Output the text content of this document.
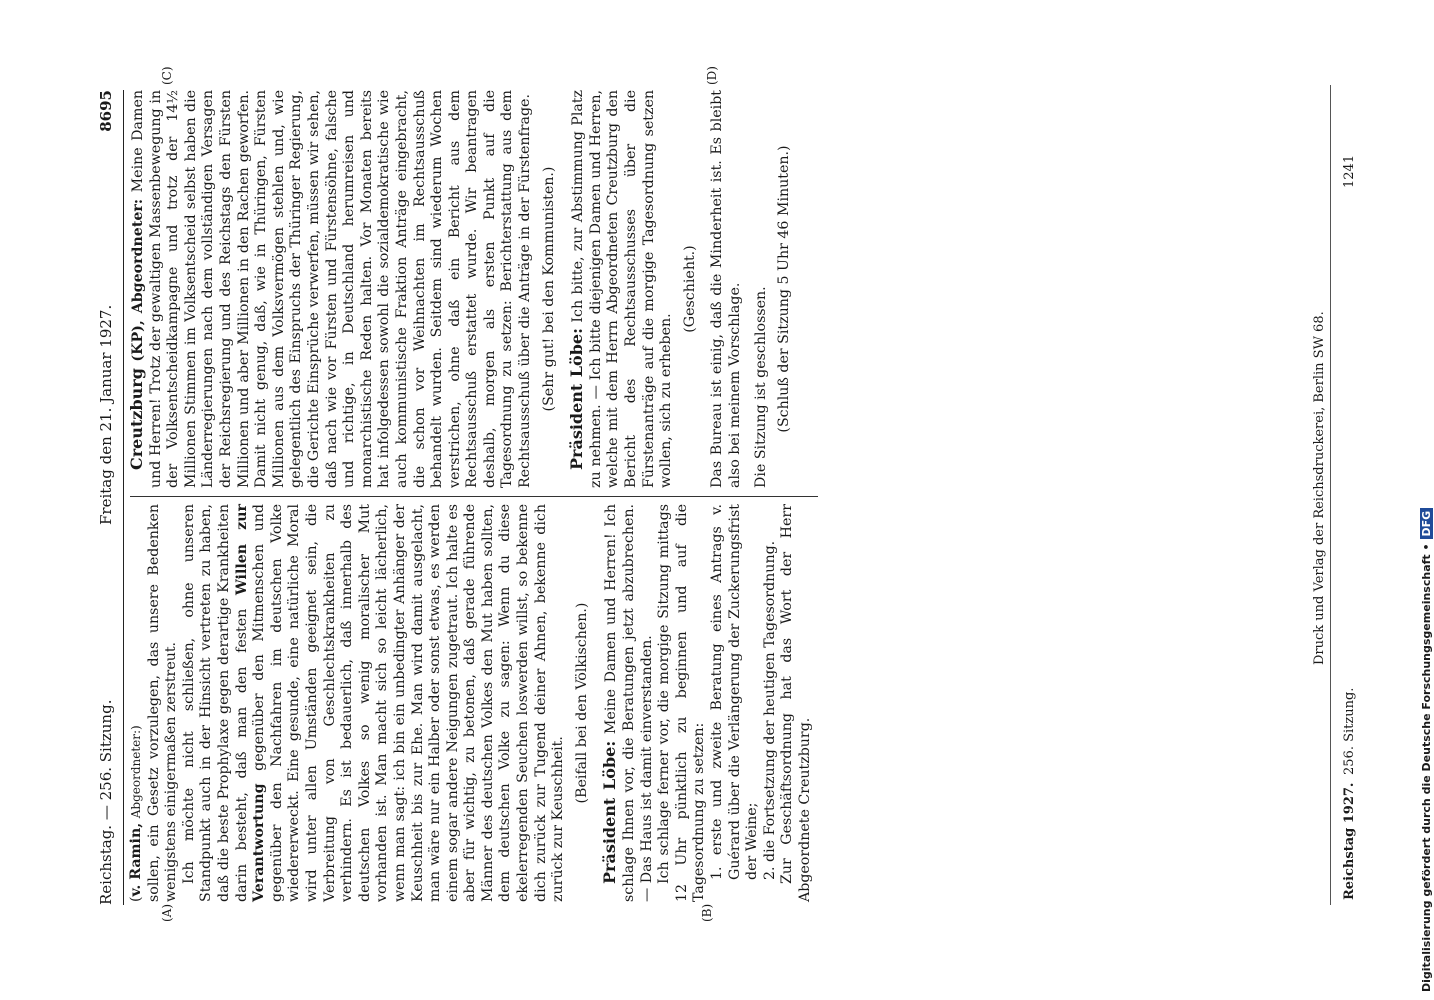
Reichstag. — 256. Sitzung.
Freitag den 21. Januar 1927.
8695
(A)	(B)
(C)	(D)

(v. Ramin, Abgeordneter:) sollen, ein Gesetz vorzulegen, das unsere Bedenken wenigstens einigermaßen zerstreut. Ich möchte nicht schließen, ohne unseren Standpunkt auch in der Hinsicht vertreten zu haben, daß die beste Prophylaxe gegen derartige Krankheiten darin besteht, daß man den festen Willen zur Verantwortung gegenüber den Mitmenschen und gegenüber den Nachfahren im deutschen Volke wiedererweckt. Eine gesunde, eine natürliche Moral wird unter allen Umständen geeignet sein, die Verbreitung von Geschlechtskrankheiten zu verhindern. Es ist bedauerlich, daß innerhalb des deutschen Volkes so wenig moralischer Mut vorhanden ist. Man macht sich so leicht lächerlich, wenn man sagt: ich bin ein unbedingter Anhänger der Keuschheit bis zur Ehe. Man wird damit ausgelacht, man wäre nur ein Halber oder sonst etwas, es werden einem sogar andere Neigungen zugetraut. Ich halte es aber für wichtig, zu betonen, daß gerade führende Männer des deutschen Volkes den Mut haben sollten, dem deutschen Volke zu sagen: Wenn du diese ekelerregenden Seuchen loswerden willst, so bekenne dich zurück zur Tugend deiner Ahnen, bekenne dich zurück zur Keuschheit.

(Beifall bei den Völkischen.)

Präsident Löbe: Meine Damen und Herren! Ich schlage Ihnen vor, die Beratungen jetzt abzubrechen. — Das Haus ist damit einverstanden. Ich schlage ferner vor, die morgige Sitzung mittags 12 Uhr pünktlich zu beginnen und auf die Tagesordnung zu setzen: 1. erste und zweite Beratung eines Antrags v. Guérard über die Verlängerung der Zuckerungsfrist der Weine; 2. die Fortsetzung der heutigen Tagesordnung. Zur Geschäftsordnung hat das Wort der Herr Abgeordnete Creutzburg.

Creutzburg (KP), Abgeordneter: Meine Damen und Herren! Trotz der gewaltigen Massenbewegung in der Volksentscheidkampagne und trotz der 14½ Millionen Stimmen im Volksentscheid selbst haben die Länderregierungen nach dem vollständigen Versagen der Reichsregierung und des Reichstags den Fürsten Millionen und aber Millionen in den Rachen geworfen. Damit nicht genug, daß, wie in Thüringen, Fürsten Millionen aus dem Volksvermögen stehlen und, wie gelegentlich des Einspruchs der Thüringer Regierung, die Gerichte Einsprüche verwerfen, müssen wir sehen, daß nach wie vor Fürsten und Fürstensöhne, falsche und richtige, in Deutschland herumreisen und monarchistische Reden halten. Vor Monaten bereits hat infolgedessen sowohl die sozialdemokratische wie auch kommunistische Fraktion Anträge eingebracht, die schon vor Weihnachten im Rechtsausschuß behandelt wurden. Seitdem sind wiederum Wochen verstrichen, ohne daß ein Bericht aus dem Rechtsausschuß erstattet wurde. Wir beantragen deshalb, morgen als ersten Punkt auf die Tagesordnung zu setzen: Berichterstattung aus dem Rechtsausschuß über die Anträge in der Fürstenfrage. (Sehr gut! bei den Kommunisten.) Präsident Löbe: Ich bitte, zur Abstimmung Platz zu nehmen. — Ich bitte diejenigen Damen und Herren, welche mit dem Herrn Abgeordneten Creutzburg den Bericht des Rechtsausschusses über die Fürstenanträge auf die morgige Tagesordnung setzen wollen, sich zu erheben.

(Geschieht.) Das Bureau ist einig, daß die Minderheit ist. Es bleibt also bei meinem Vorschlage. Die Sitzung ist geschlossen. (Schluß der Sitzung 5 Uhr 46 Minuten.)

Druck und Verlag der Reichsdruckerei, Berlin SW 68.
Reichstag 1927.
256. Sitzung.
1241
Digitalisierung gefördert durch die Deutsche Forschungsgemeinschaft •DFG
